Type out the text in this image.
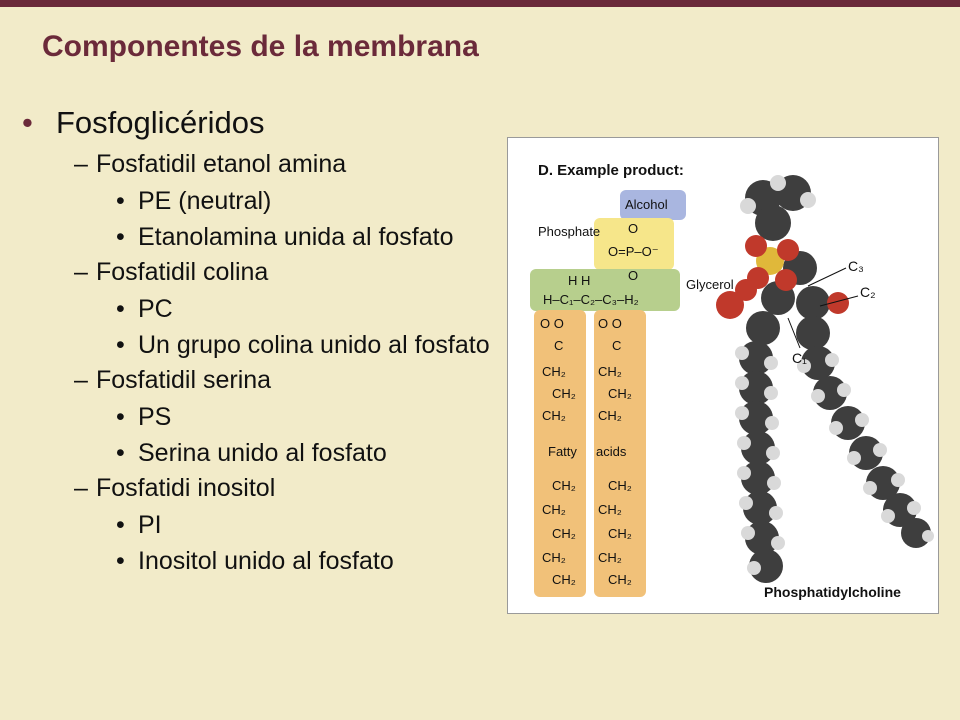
Componentes de la membrana
• Fosfoglicéridos
– Fosfatidil etanol amina
• PE (neutral)
• Etanolamina unida al fosfato
– Fosfatidil colina
• PC
• Un grupo colina unido al fosfato
– Fosfatidil serina
• PS
• Serina unido al fosfato
– Fosfatidi inositol
• PI
• Inositol unido al fosfato
D. Example product:
Alcohol
Phosphate
Glycerol
Fatty acids
O
O=P–O⁻
O
H H
H–C₁–C₂–C₃–H₂
O O	O O
C	C
CH₂
CH₂
CH₂
CH₂
CH₂
CH₂
CH₂
CH₂
CH₂
CH₂
CH₂
CH₂
CH₂
CH₂
CH₂
CH₂
C₃
C₂
C₁
Phosphatidylcholine
